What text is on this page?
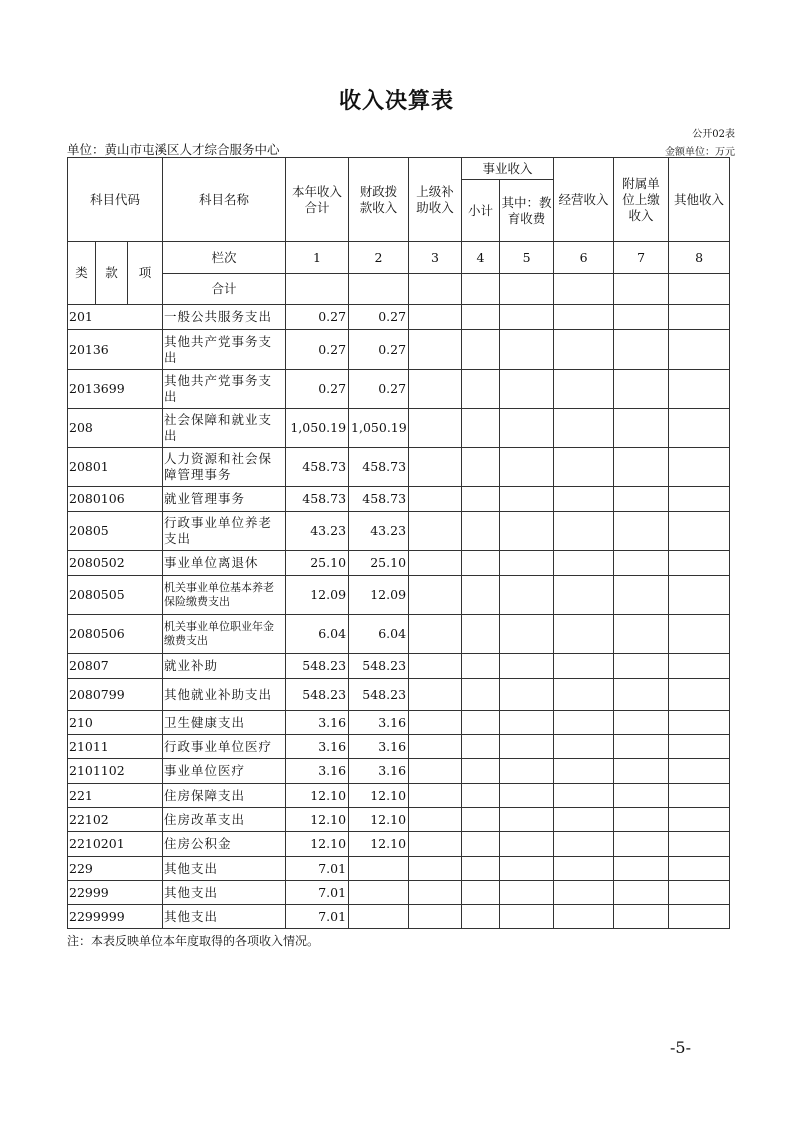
收入决算表
公开02表
单位：黄山市屯溪区人才综合服务中心	金额单位：万元
科目代码			科目名称	本年收入合计	财政拨款收入	上级补助收入	事业收入		经营收入	附属单位上缴收入	其他收入
							小计	其中：教育收费			
类	款	项	栏次	1	2	3	4	5	6	7	8
			合计								
201			一般公共服务支出	0.27	0.27						
20136			其他共产党事务支出	0.27	0.27						
2013699			其他共产党事务支出	0.27	0.27						
208			社会保障和就业支出	1,050.19	1,050.19						
20801			人力资源和社会保障管理事务	458.73	458.73						
2080106			就业管理事务	458.73	458.73						
20805			行政事业单位养老支出	43.23	43.23						
2080502			事业单位离退休	25.10	25.10						
2080505			机关事业单位基本养老保险缴费支出	12.09	12.09						
2080506			机关事业单位职业年金缴费支出	6.04	6.04						
20807			就业补助	548.23	548.23						
2080799			其他就业补助支出	548.23	548.23						
210			卫生健康支出	3.16	3.16						
21011			行政事业单位医疗	3.16	3.16						
2101102			事业单位医疗	3.16	3.16						
221			住房保障支出	12.10	12.10						
22102			住房改革支出	12.10	12.10						
2210201			住房公积金	12.10	12.10						
229			其他支出	7.01							
22999			其他支出	7.01							
2299999			其他支出	7.01							
注：本表反映单位本年度取得的各项收入情况。
-5-
